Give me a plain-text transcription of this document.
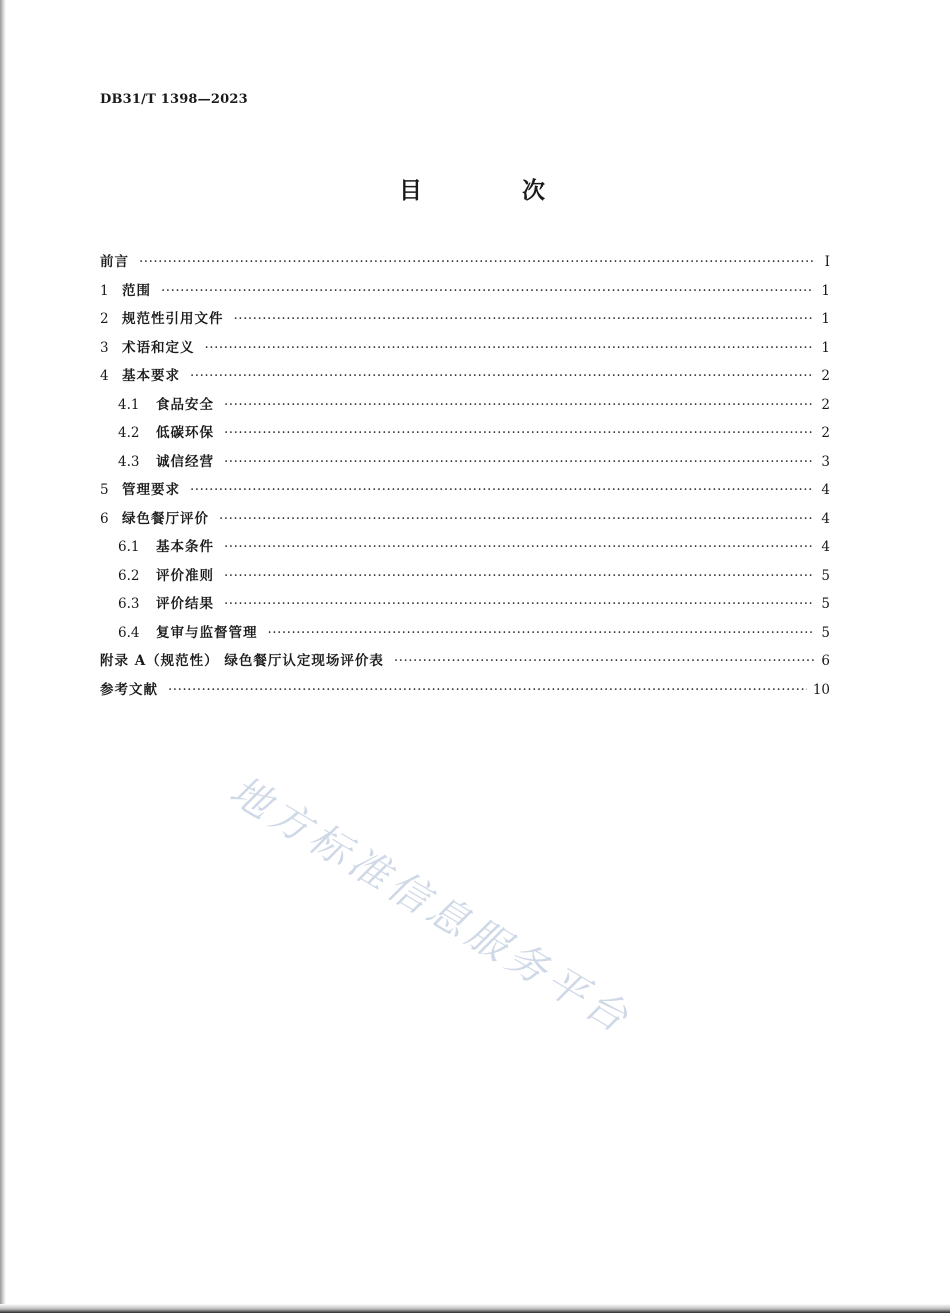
DB31/T 1398—2023
目 次
前言 ·····	I
1 范围 ·····	1
2 规范性引用文件 ·····	1
3 术语和定义 ·····	1
4 基本要求 ·····	2
4.1	食品安全 ·····	2
4.2	低碳环保 ·····	2
4.3	诚信经营 ·····	3
5 管理要求 ·····	4
6 绿色餐厅评价 ·····	4
6.1	基本条件 ·····	4
6.2	评价准则 ·····	5
6.3	评价结果 ·····	5
6.4	复审与监督管理 ·····	5
附录 A（规范性） 绿色餐厅认定现场评价表 ·····	6
参考文献 ·····	10
地方标准信息服务平台
